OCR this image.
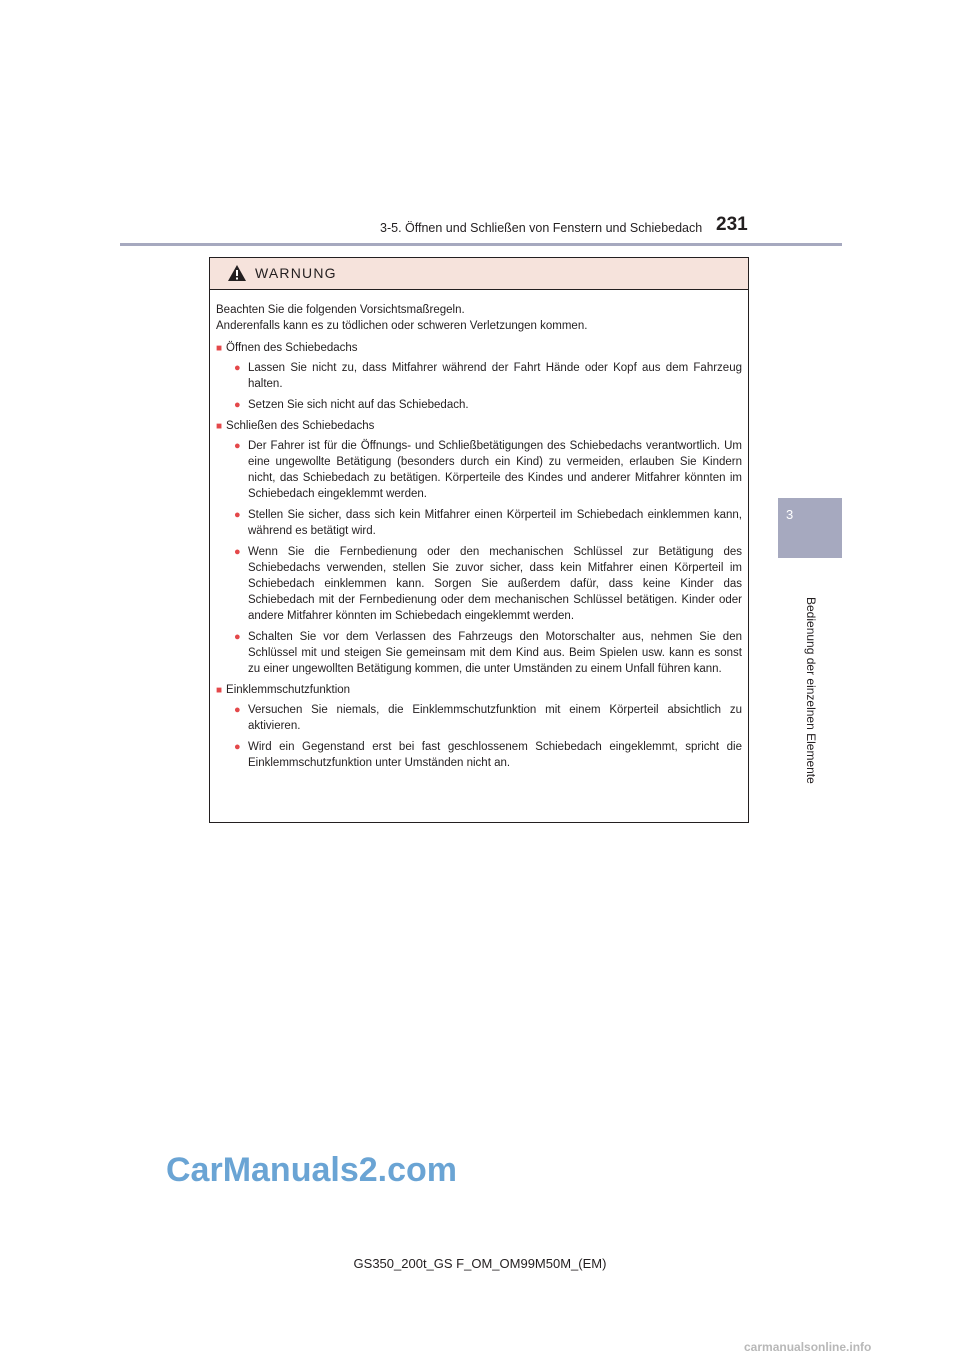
3-5. Öffnen und Schließen von Fenstern und Schiebedach 231
3
Bedienung der einzelnen Elemente
WARNUNG
Beachten Sie die folgenden Vorsichtsmaßregeln.
Anderenfalls kann es zu tödlichen oder schweren Verletzungen kommen.
■ Öffnen des Schiebedachs
● Lassen Sie nicht zu, dass Mitfahrer während der Fahrt Hände oder Kopf aus dem Fahrzeug halten.

● Setzen Sie sich nicht auf das Schiebedach.

■ Schließen des Schiebedachs
● Der Fahrer ist für die Öffnungs- und Schließbetätigungen des Schiebedachs verantwortlich. Um eine ungewollte Betätigung (besonders durch ein Kind) zu vermeiden, erlauben Sie Kindern nicht, das Schiebedach zu betätigen. Körperteile des Kindes und anderer Mitfahrer könnten im Schiebedach eingeklemmt werden.

● Stellen Sie sicher, dass sich kein Mitfahrer einen Körperteil im Schiebedach einklemmen kann, während es betätigt wird.

● Wenn Sie die Fernbedienung oder den mechanischen Schlüssel zur Betätigung des Schiebedachs verwenden, stellen Sie zuvor sicher, dass kein Mitfahrer einen Körperteil im Schiebedach einklemmen kann. Sorgen Sie außerdem dafür, dass keine Kinder das Schiebedach mit der Fernbedienung oder dem mechanischen Schlüssel betätigen. Kinder oder andere Mitfahrer könnten im Schiebedach eingeklemmt werden.

● Schalten Sie vor dem Verlassen des Fahrzeugs den Motorschalter aus, nehmen Sie den Schlüssel mit und steigen Sie gemeinsam mit dem Kind aus. Beim Spielen usw. kann es sonst zu einer ungewollten Betätigung kommen, die unter Umständen zu einem Unfall führen kann.

■ Einklemmschutzfunktion
● Versuchen Sie niemals, die Einklemmschutzfunktion mit einem Körperteil absichtlich zu aktivieren.

● Wird ein Gegenstand erst bei fast geschlossenem Schiebedach eingeklemmt, spricht die Einklemmschutzfunktion unter Umständen nicht an.

CarManuals2.com
GS350_200t_GS F_OM_OM99M50M_(EM)
carmanualsonline.info
